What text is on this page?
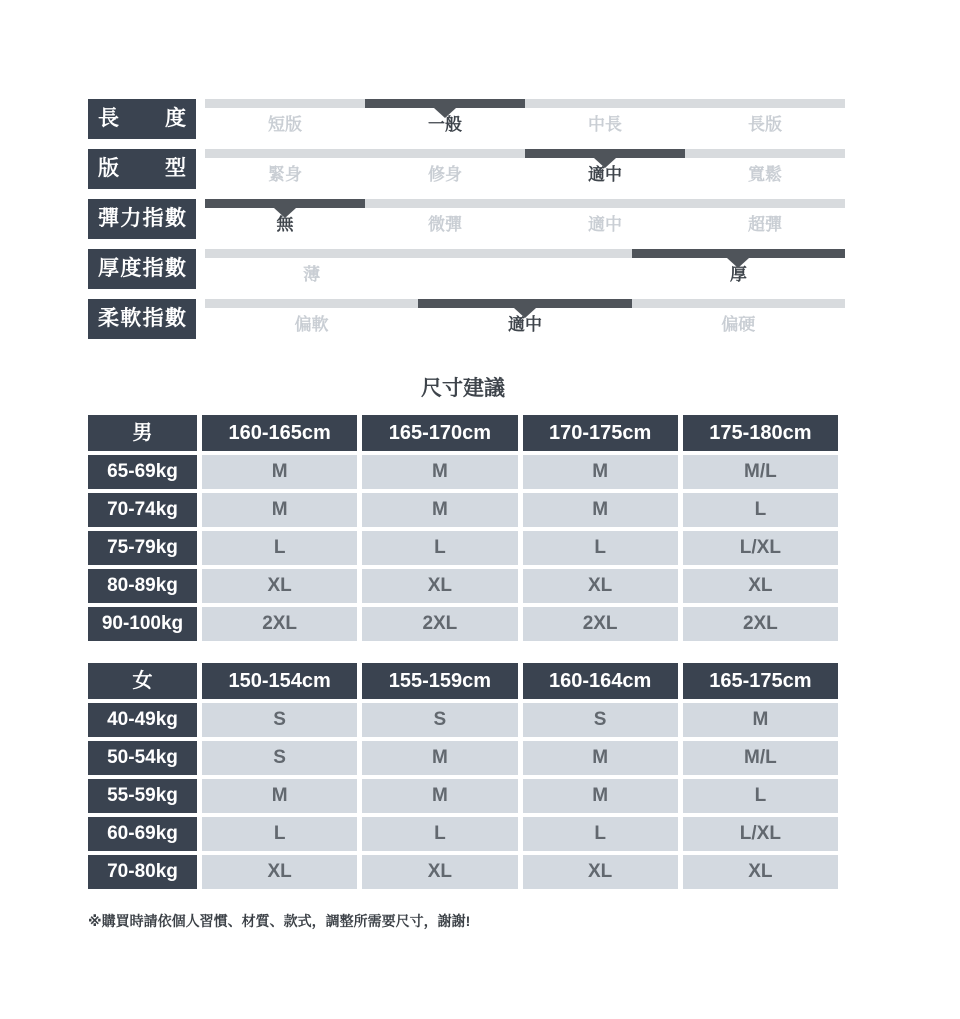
長度	短版	一般	中長	長版
版型	緊身	修身	適中	寬鬆
彈力指數	無	微彈	適中	超彈
厚度指數	薄	厚
柔軟指數	偏軟	適中	偏硬
尺寸建議
男	160-165cm	165-170cm	170-175cm	175-180cm
65-69kg	M	M	M	M/L
70-74kg	M	M	M	L
75-79kg	L	L	L	L/XL
80-89kg	XL	XL	XL	XL
90-100kg	2XL	2XL	2XL	2XL
女	150-154cm	155-159cm	160-164cm	165-175cm
40-49kg	S	S	S	M
50-54kg	S	M	M	M/L
55-59kg	M	M	M	L
60-69kg	L	L	L	L/XL
70-80kg	XL	XL	XL	XL

※購買時請依個人習慣、材質、款式，調整所需要尺寸，謝謝!
